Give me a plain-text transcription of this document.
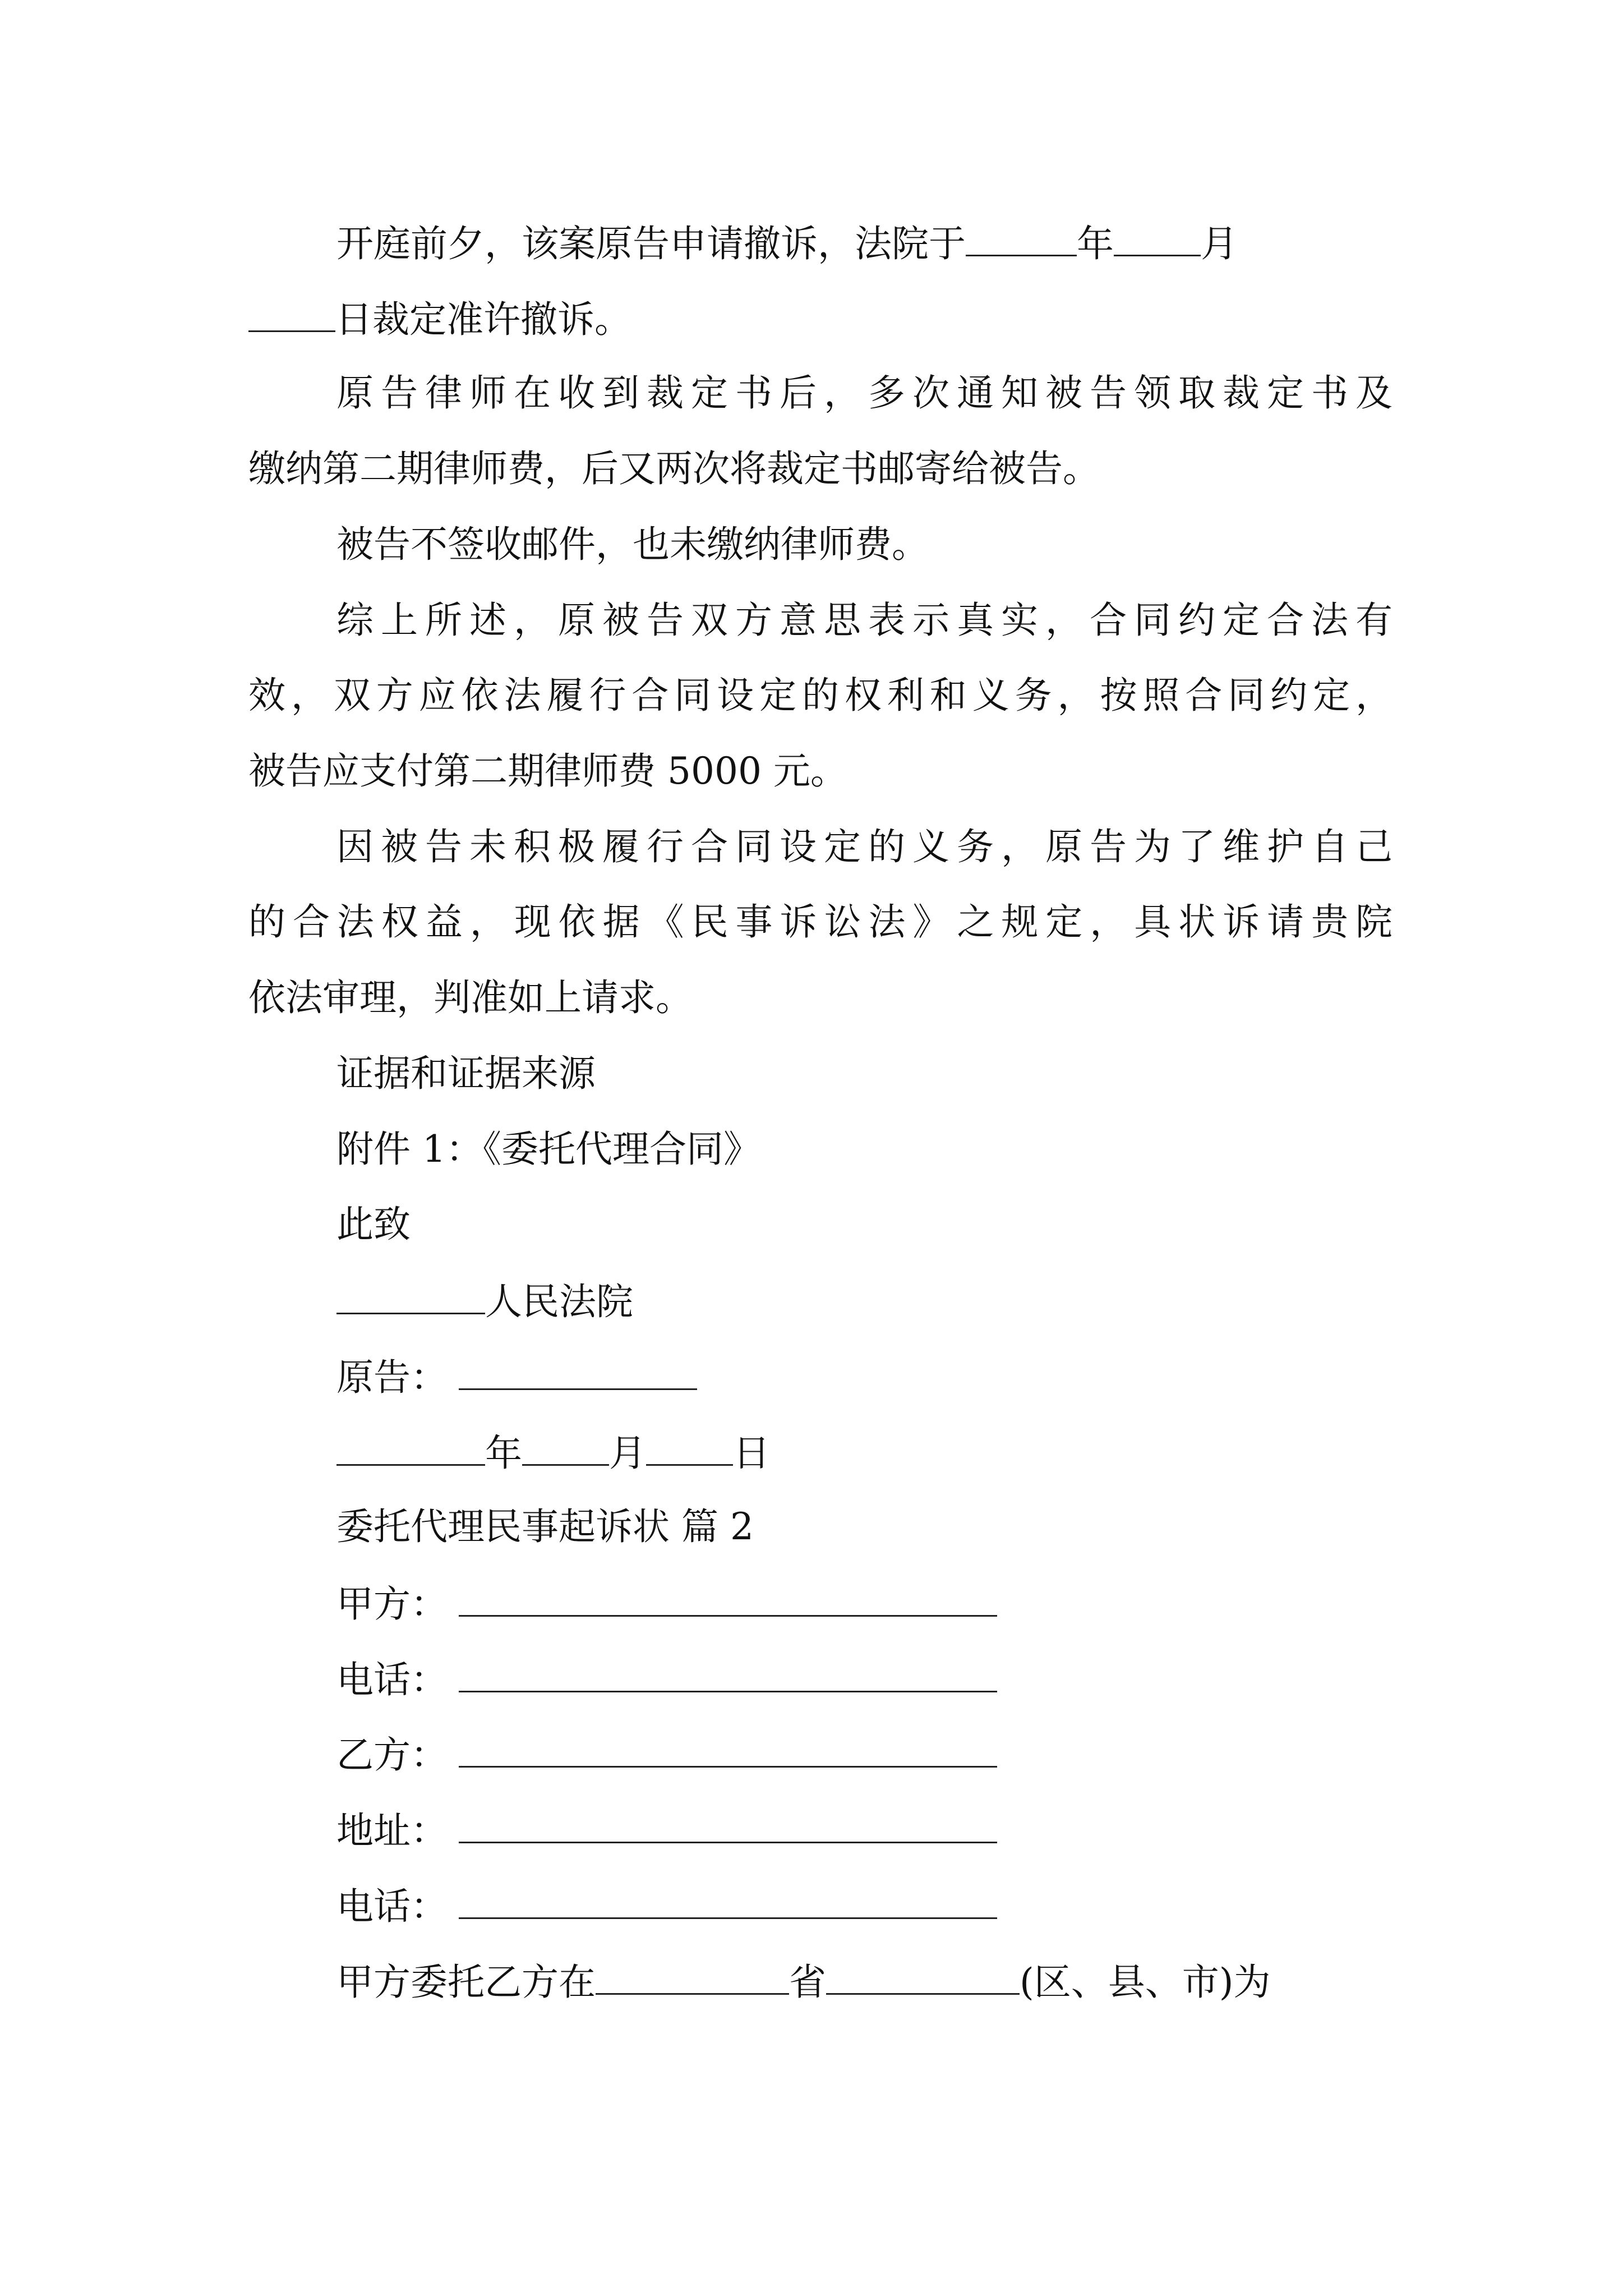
开庭前夕，该案原告申请撤诉，法院于	年 月
日裁定准许撤诉。
原告律师在收到裁定书后，多次通知被告领取裁定书及
缴纳第二期律师费，后又两次将裁定书邮寄给被告。
被告不签收邮件，也未缴纳律师费。
综上所述，原被告双方意思表示真实，合同约定合法有
效，双方应依法履行合同设定的权利和义务，按照合同约定，
被告应支付第二期律师费 5000 元。
因被告未积极履行合同设定的义务，原告为了维护自己
的合法权益，现依据《民事诉讼法》之规定，具状诉请贵院
依法审理，判准如上请求。
证据和证据来源
附件 1：《委托代理合同》
此致
人民法院
原告：
年 月 日
委托代理民事起诉状 篇 2
甲方：
电话：
乙方：
地址：
电话：
甲方委托乙方在	省	(区、县、市)为
